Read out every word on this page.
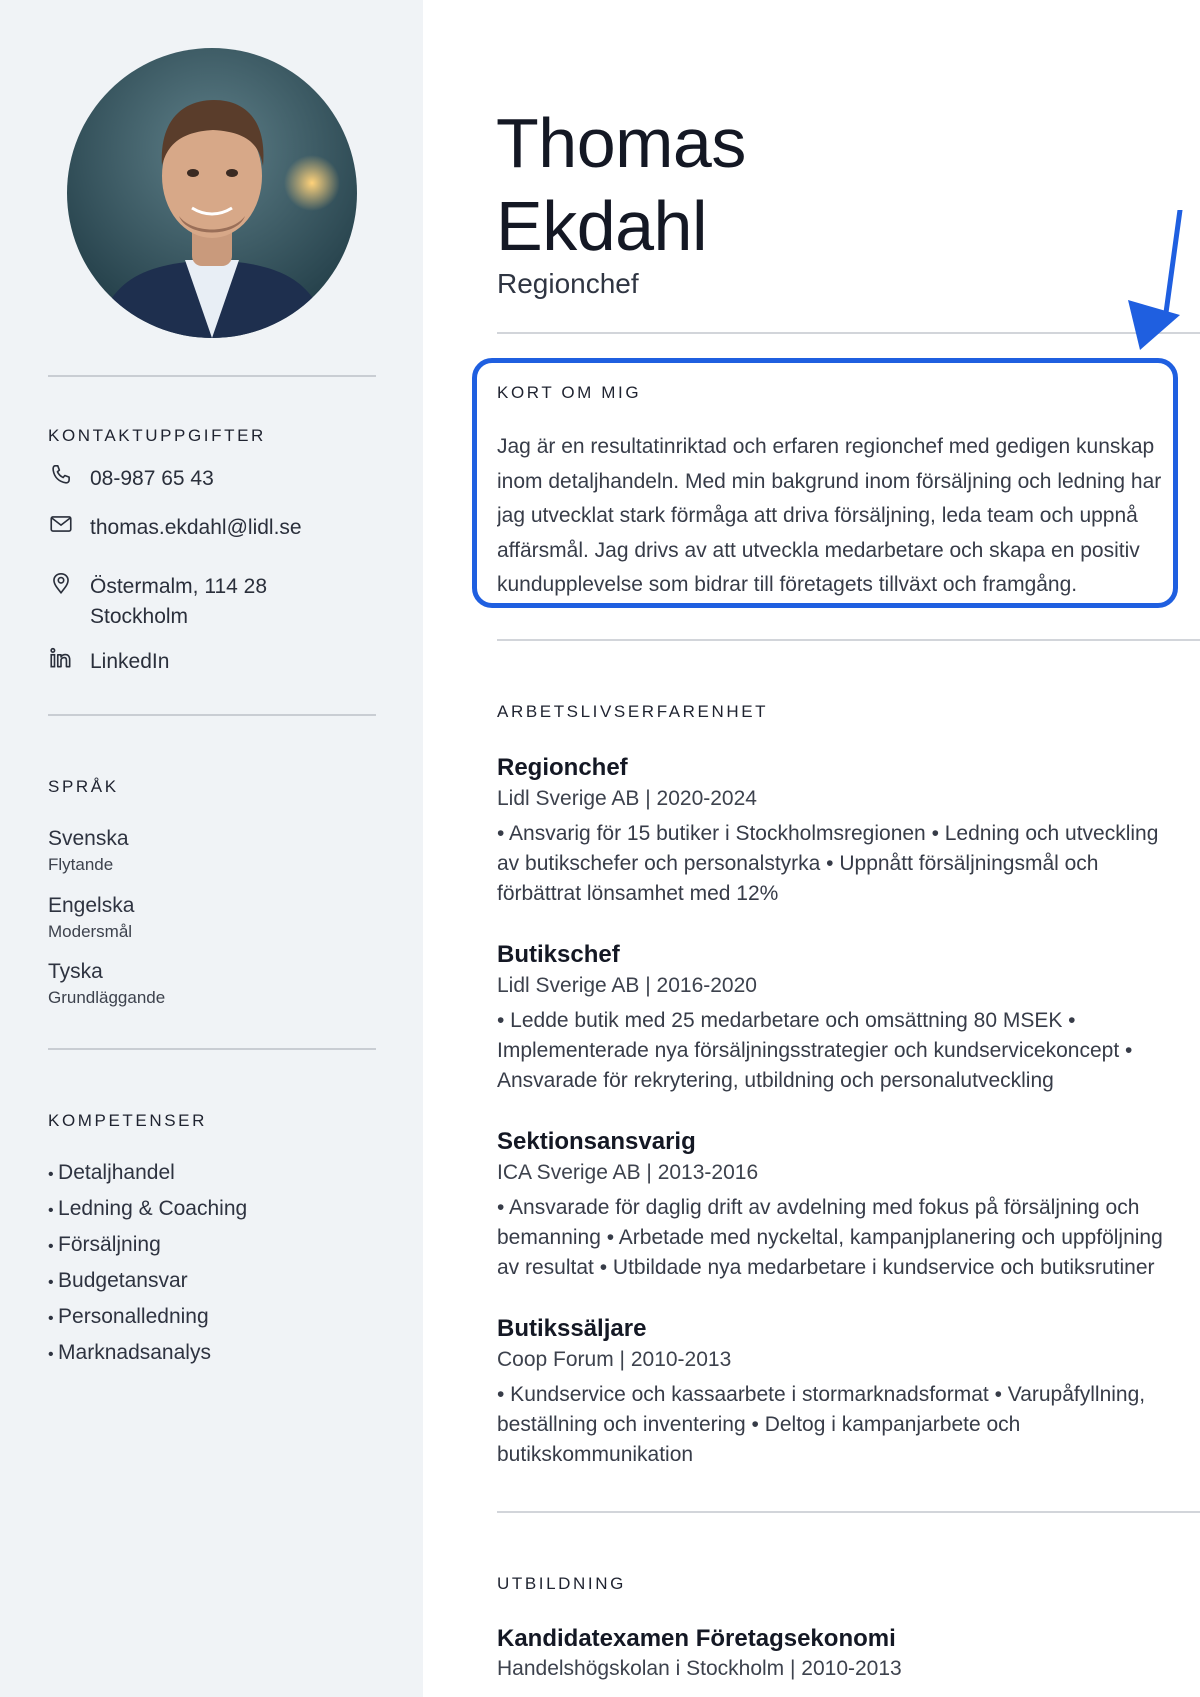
KONTAKTUPPGIFTER
08-987 65 43
thomas.ekdahl@lidl.se
Östermalm, 114 28
Stockholm
LinkedIn
SPRÅK
Svenska
Flytande
Engelska
Modersmål
Tyska
Grundläggande
KOMPETENSER
• Detaljhandel
• Ledning & Coaching
• Försäljning
• Budgetansvar
• Personalledning
• Marknadsanalys
Thomas
Ekdahl
Regionchef
KORT OM MIG
Jag är en resultatinriktad och erfaren regionchef med gedigen kunskap
inom detaljhandeln. Med min bakgrund inom försäljning och ledning har
jag utvecklat stark förmåga att driva försäljning, leda team och uppnå
affärsmål. Jag drivs av att utveckla medarbetare och skapa en positiv
kundupplevelse som bidrar till företagets tillväxt och framgång.
ARBETSLIVSERFARENHET
Regionchef
Lidl Sverige AB | 2020-2024
• Ansvarig för 15 butiker i Stockholmsregionen • Ledning och utveckling
av butikschefer och personalstyrka • Uppnått försäljningsmål och
förbättrat lönsamhet med 12%
Butikschef
Lidl Sverige AB | 2016-2020
• Ledde butik med 25 medarbetare och omsättning 80 MSEK •
Implementerade nya försäljningsstrategier och kundservicekoncept •
Ansvarade för rekrytering, utbildning och personalutveckling
Sektionsansvarig
ICA Sverige AB | 2013-2016
• Ansvarade för daglig drift av avdelning med fokus på försäljning och
bemanning • Arbetade med nyckeltal, kampanjplanering och uppföljning
av resultat • Utbildade nya medarbetare i kundservice och butiksrutiner
Butikssäljare
Coop Forum | 2010-2013
• Kundservice och kassaarbete i stormarknadsformat • Varupåfyllning,
beställning och inventering • Deltog i kampanjarbete och
butikskommunikation
UTBILDNING
Kandidatexamen Företagsekonomi
Handelshögskolan i Stockholm | 2010-2013
